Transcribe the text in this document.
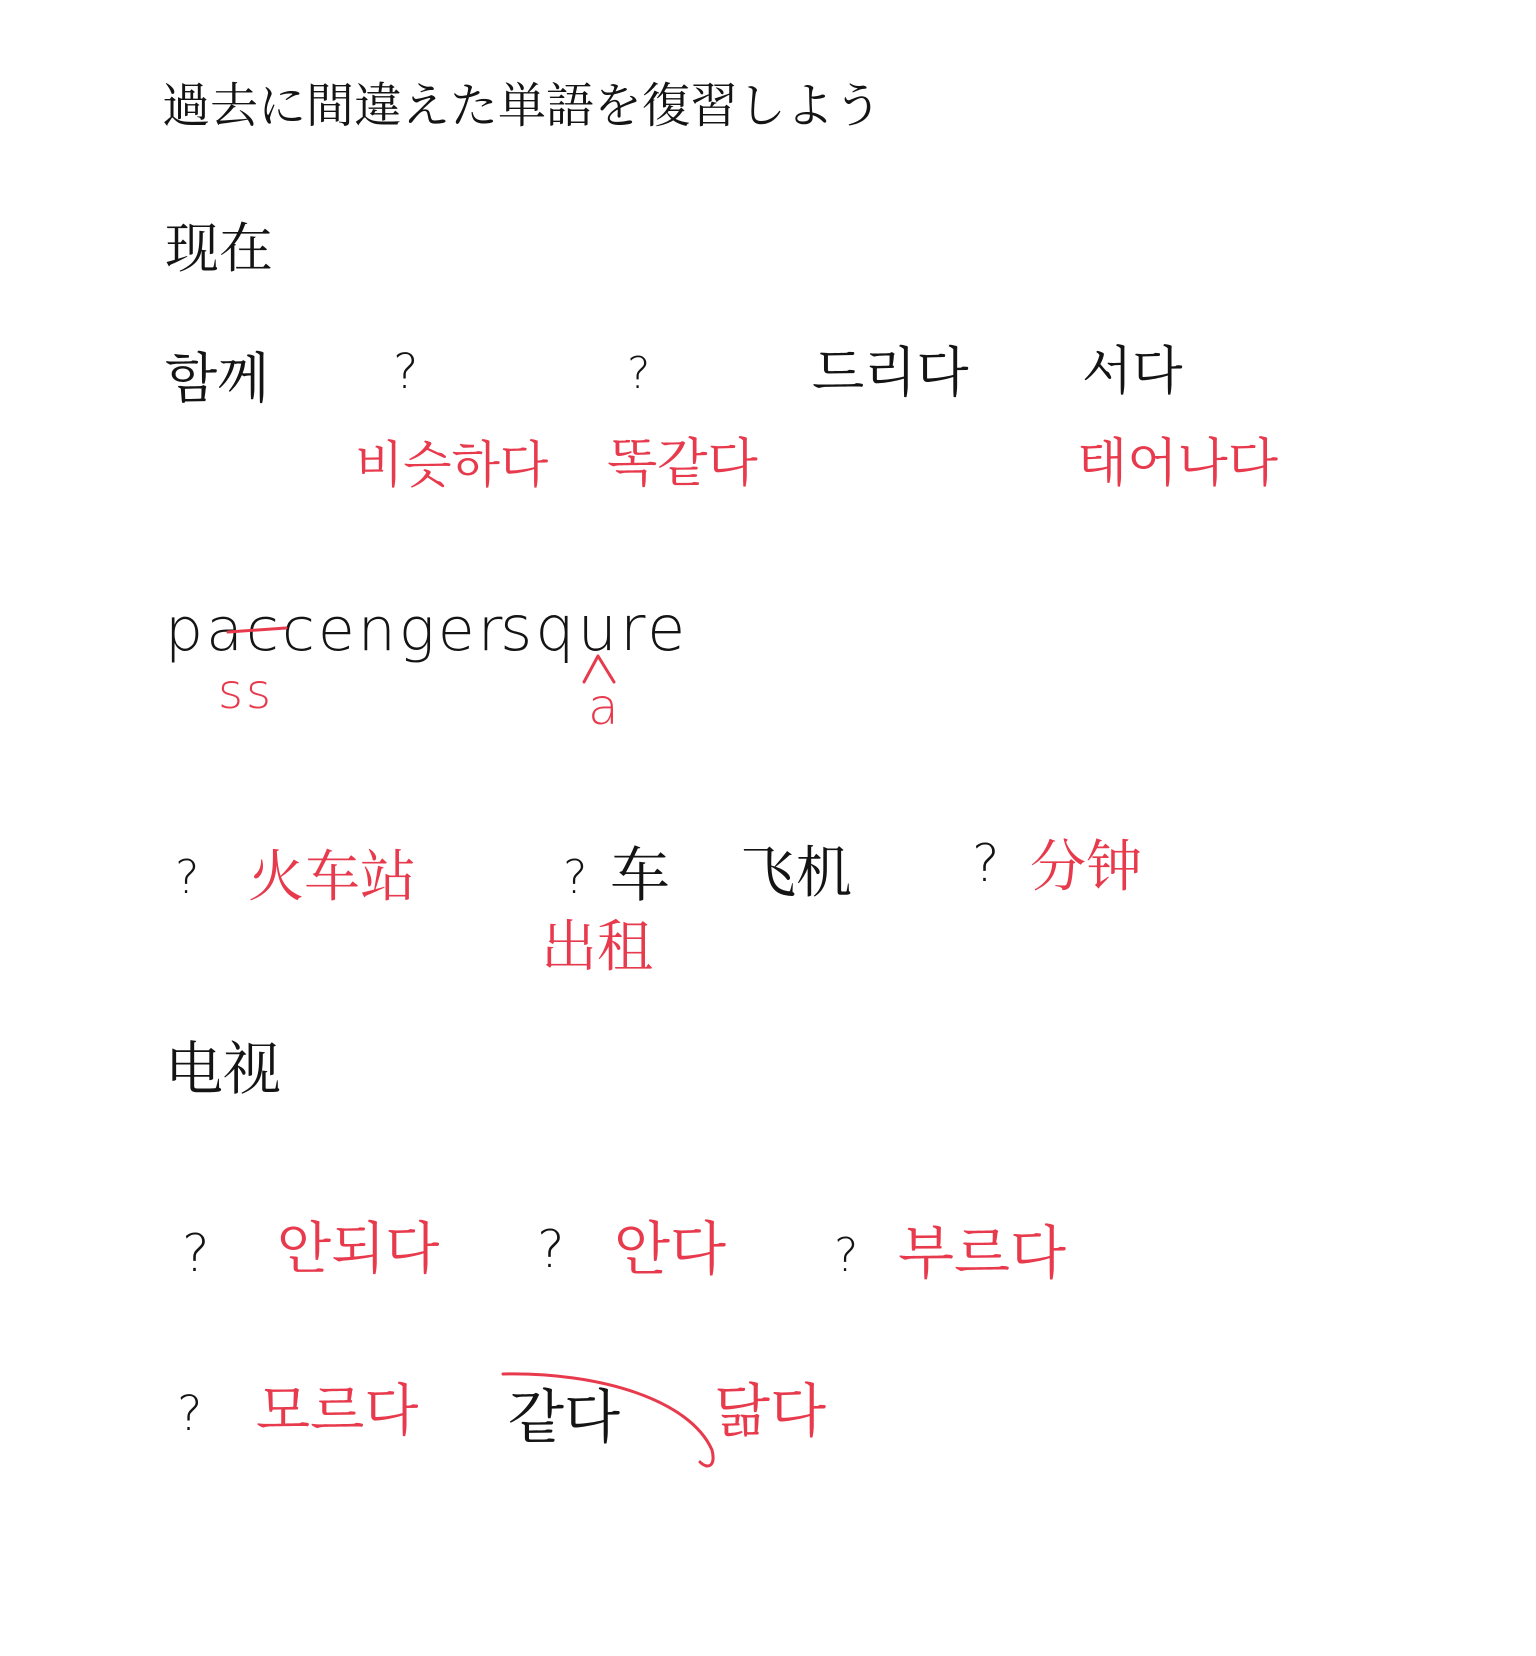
過去に間違えた単語を復習しよう
现在
함께	?
비슷하다
?
똑같다
드리다 서다
태어나다
paccenger
ss
squre
a
? 火车站	? 车
出租
飞机 ? 分钟
电视
? 안되다 ? 안다 ? 부르다
? 모르다 같다 닮다
